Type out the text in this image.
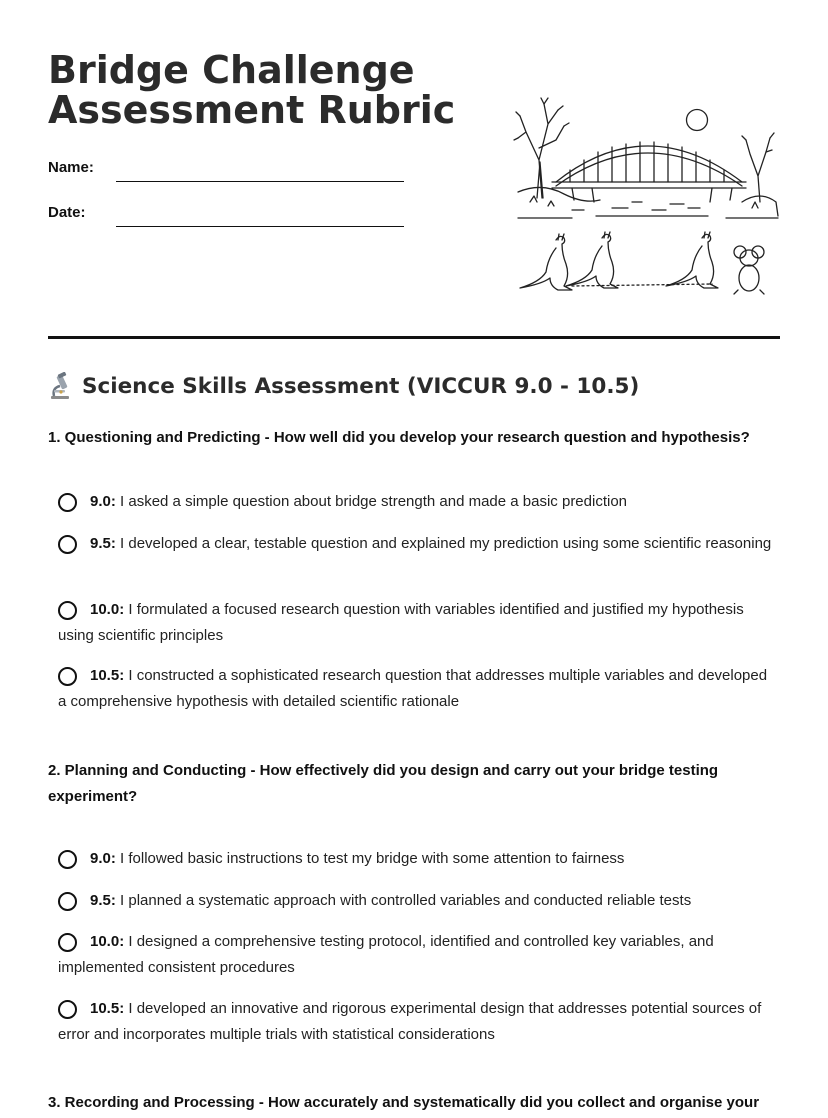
Bridge Challenge
Assessment Rubric
Name:
Date:
Science Skills Assessment (VICCUR 9.0 - 10.5)

1. Questioning and Predicting - How well did you develop your research question and hypothesis?

9.0: I asked a simple question about bridge strength and made a basic prediction

9.5: I developed a clear, testable question and explained my prediction using some scientific reasoning

10.0: I formulated a focused research question with variables identified and justified my hypothesis using scientific principles

10.5: I constructed a sophisticated research question that addresses multiple variables and developed a comprehensive hypothesis with detailed scientific rationale

2. Planning and Conducting - How effectively did you design and carry out your bridge testing experiment?

9.0: I followed basic instructions to test my bridge with some attention to fairness

9.5: I planned a systematic approach with controlled variables and conducted reliable tests

10.0: I designed a comprehensive testing protocol, identified and controlled key variables, and implemented consistent procedures

10.5: I developed an innovative and rigorous experimental design that addresses potential sources of error and incorporates multiple trials with statistical considerations

3. Recording and Processing - How accurately and systematically did you collect and organise your
